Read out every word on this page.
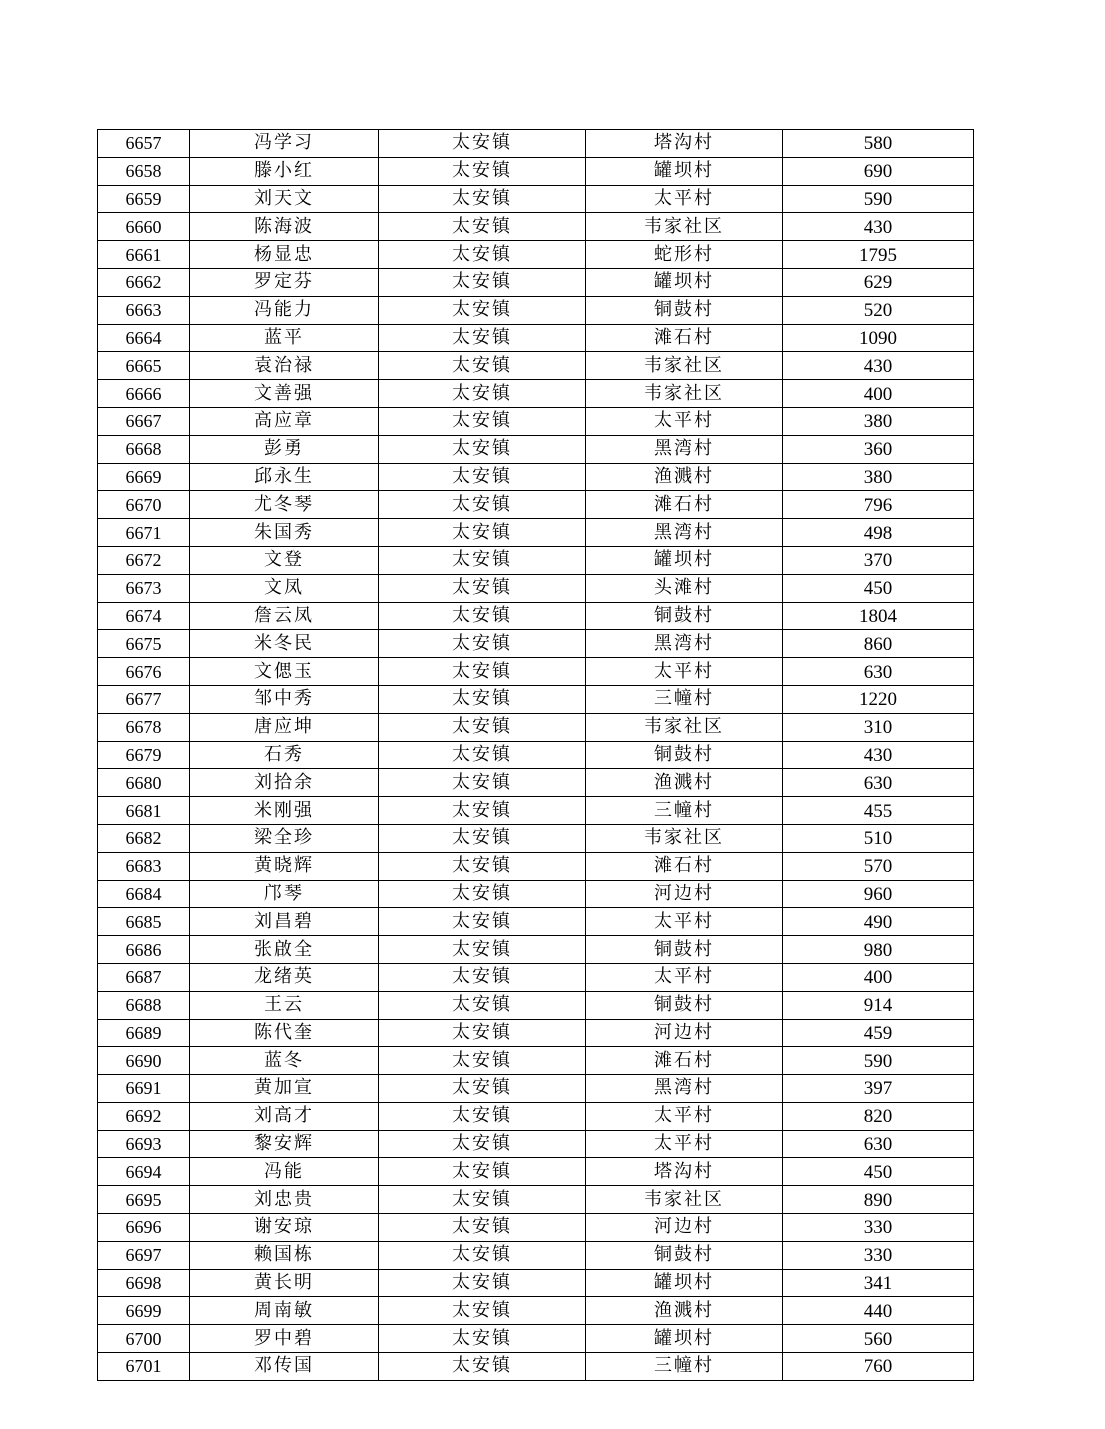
6657	冯学习	太安镇	塔沟村	580
6658	滕小红	太安镇	罐坝村	690
6659	刘天文	太安镇	太平村	590
6660	陈海波	太安镇	韦家社区	430
6661	杨显忠	太安镇	蛇形村	1795
6662	罗定芬	太安镇	罐坝村	629
6663	冯能力	太安镇	铜鼓村	520
6664	蓝平	太安镇	滩石村	1090
6665	袁治禄	太安镇	韦家社区	430
6666	文善强	太安镇	韦家社区	400
6667	高应章	太安镇	太平村	380
6668	彭勇	太安镇	黑湾村	360
6669	邱永生	太安镇	渔溅村	380
6670	尤冬琴	太安镇	滩石村	796
6671	朱国秀	太安镇	黑湾村	498
6672	文登	太安镇	罐坝村	370
6673	文凤	太安镇	头滩村	450
6674	詹云凤	太安镇	铜鼓村	1804
6675	米冬民	太安镇	黑湾村	860
6676	文偲玉	太安镇	太平村	630
6677	邹中秀	太安镇	三幢村	1220
6678	唐应坤	太安镇	韦家社区	310
6679	石秀	太安镇	铜鼓村	430
6680	刘拾余	太安镇	渔溅村	630
6681	米刚强	太安镇	三幢村	455
6682	梁全珍	太安镇	韦家社区	510
6683	黄晓辉	太安镇	滩石村	570
6684	邝琴	太安镇	河边村	960
6685	刘昌碧	太安镇	太平村	490
6686	张啟全	太安镇	铜鼓村	980
6687	龙绪英	太安镇	太平村	400
6688	王云	太安镇	铜鼓村	914
6689	陈代奎	太安镇	河边村	459
6690	蓝冬	太安镇	滩石村	590
6691	黄加宣	太安镇	黑湾村	397
6692	刘高才	太安镇	太平村	820
6693	黎安辉	太安镇	太平村	630
6694	冯能	太安镇	塔沟村	450
6695	刘忠贵	太安镇	韦家社区	890
6696	谢安琼	太安镇	河边村	330
6697	赖国栋	太安镇	铜鼓村	330
6698	黄长明	太安镇	罐坝村	341
6699	周南敏	太安镇	渔溅村	440
6700	罗中碧	太安镇	罐坝村	560
6701	邓传国	太安镇	三幢村	760
